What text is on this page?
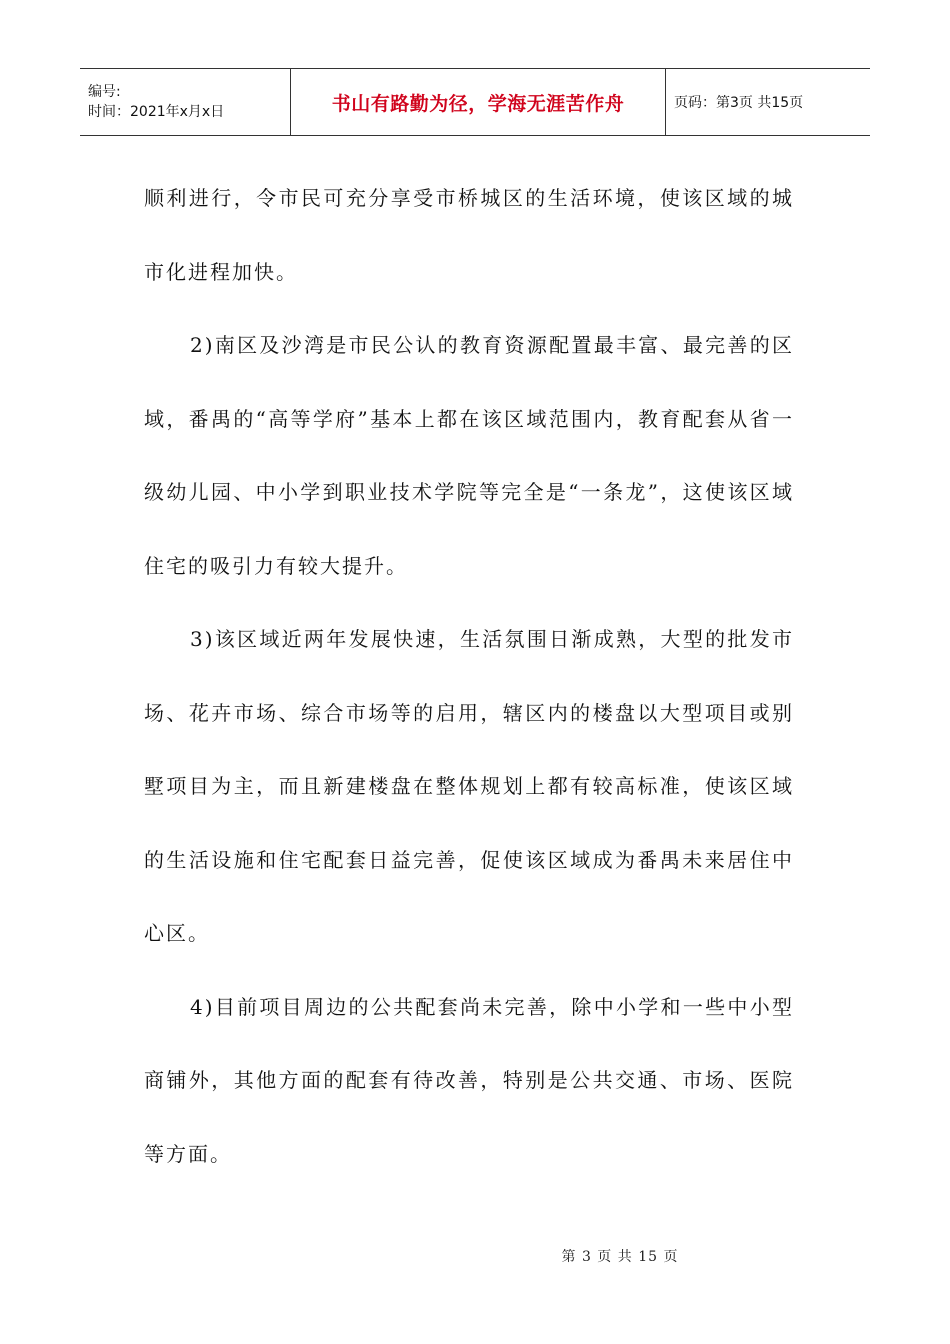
编号:
时间：2021年x月x日	书山有路勤为径，学海无涯苦作舟	页码：第3页 共15页

顺利进行，令市民可充分享受市桥城区的生活环境，使该区域的城市化进程加快。

2)南区及沙湾是市民公认的教育资源配置最丰富、最完善的区域，番禺的“高等学府”基本上都在该区域范围内，教育配套从省一级幼儿园、中小学到职业技术学院等完全是“一条龙”，这使该区域住宅的吸引力有较大提升。

3)该区域近两年发展快速，生活氛围日渐成熟，大型的批发市场、花卉市场、综合市场等的启用，辖区内的楼盘以大型项目或别墅项目为主，而且新建楼盘在整体规划上都有较高标准，使该区域的生活设施和住宅配套日益完善，促使该区域成为番禺未来居住中心区。

4)目前项目周边的公共配套尚未完善，除中小学和一些中小型商铺外，其他方面的配套有待改善，特别是公共交通、市场、医院等方面。

第 3 页 共 15 页
